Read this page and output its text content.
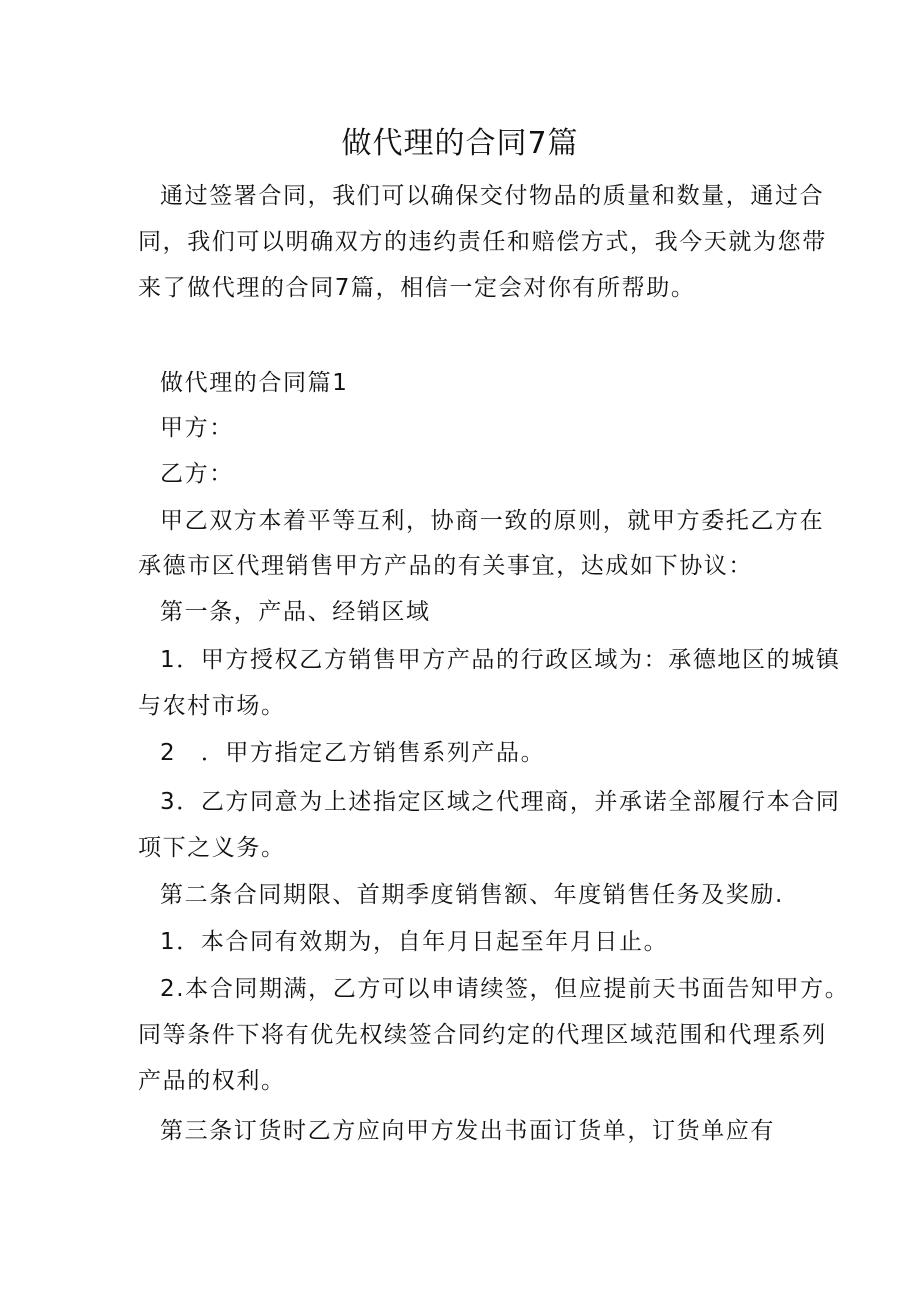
做代理的合同7篇
通过签署合同，我们可以确保交付物品的质量和数量，通过合
同，我们可以明确双方的违约责任和赔偿方式，我今天就为您带
来了做代理的合同7篇，相信一定会对你有所帮助。
做代理的合同篇1
甲方：
乙方：
甲乙双方本着平等互利，协商一致的原则，就甲方委托乙方在
承德市区代理销售甲方产品的有关事宜，达成如下协议：
第一条，产品、经销区域
1．甲方授权乙方销售甲方产品的行政区域为：承德地区的城镇
与农村市场。
2　．甲方指定乙方销售系列产品。
3．乙方同意为上述指定区域之代理商，并承诺全部履行本合同
项下之义务。
第二条合同期限、首期季度销售额、年度销售任务及奖励.
1．本合同有效期为，自年月日起至年月日止。
2.本合同期满，乙方可以申请续签，但应提前天书面告知甲方。
同等条件下将有优先权续签合同约定的代理区域范围和代理系列
产品的权利。
第三条订货时乙方应向甲方发出书面订货单，订货单应有
